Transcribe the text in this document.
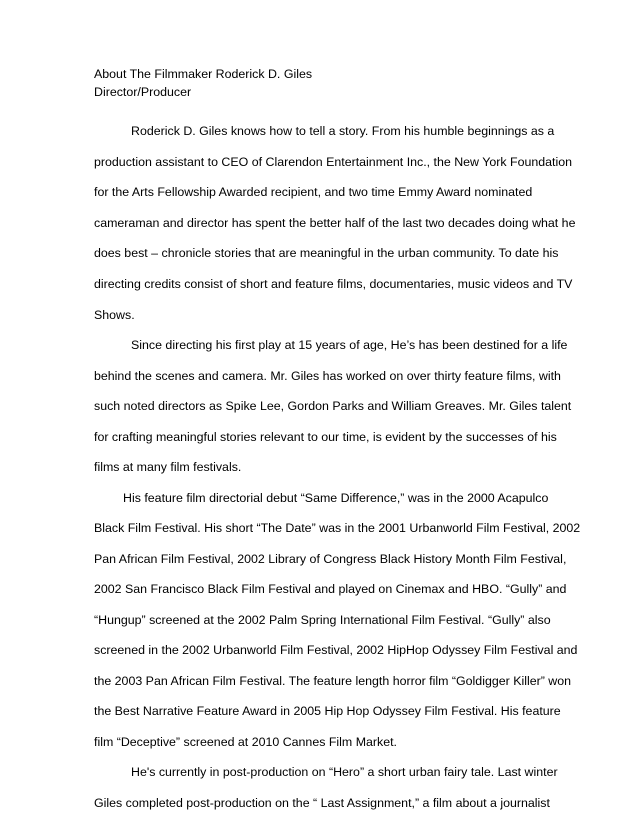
About The Filmmaker Roderick D. Giles

Director/Producer

Roderick D. Giles knows how to tell a story. From his humble beginnings as a

production assistant to CEO of Clarendon Entertainment Inc., the New York Foundation

for the Arts Fellowship Awarded recipient, and two time Emmy Award nominated

cameraman and director has spent the better half of the last two decades doing what he

does best – chronicle stories that are meaningful in the urban community. To date his

directing credits consist of short and feature films, documentaries, music videos and TV

Shows.

Since directing his first play at 15 years of age, He’s has been destined for a life

behind the scenes and camera. Mr. Giles has worked on over thirty feature films, with

such noted directors as Spike Lee, Gordon Parks and William Greaves. Mr. Giles talent

for crafting meaningful stories relevant to our time, is evident by the successes of his

films at many film festivals.

His feature film directorial debut “Same Difference,” was in the 2000 Acapulco

Black Film Festival. His short “The Date” was in the 2001 Urbanworld Film Festival, 2002

Pan African Film Festival, 2002 Library of Congress Black History Month Film Festival,

2002 San Francisco Black Film Festival and played on Cinemax and HBO. “Gully” and

“Hungup” screened at the 2002 Palm Spring International Film Festival. “Gully” also

screened in the 2002 Urbanworld Film Festival, 2002 HipHop Odyssey Film Festival and

the 2003 Pan African Film Festival. The feature length horror film “Goldigger Killer” won

the Best Narrative Feature Award in 2005 Hip Hop Odyssey Film Festival. His feature

film “Deceptive” screened at 2010 Cannes Film Market.

He's currently in post-production on “Hero” a short urban fairy tale. Last winter

Giles completed post-production on the “ Last Assignment,” a film about a journalist
